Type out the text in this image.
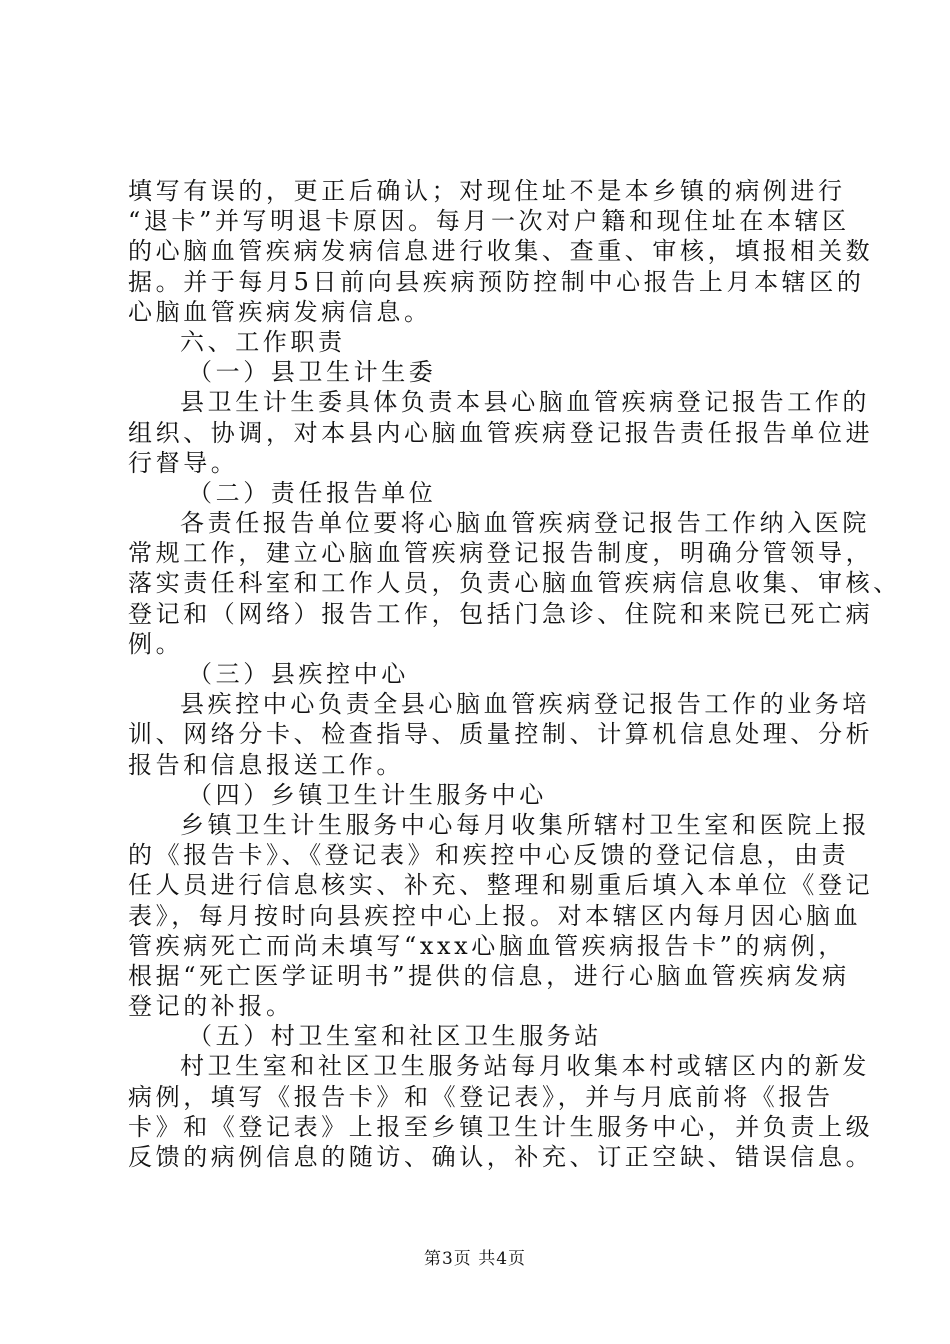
填写有误的，更正后确认；对现住址不是本乡镇的病例进行
“退卡”并写明退卡原因。每月一次对户籍和现住址在本辖区
的心脑血管疾病发病信息进行收集、查重、审核，填报相关数
据。并于每月5日前向县疾病预防控制中心报告上月本辖区的
心脑血管疾病发病信息。
六、工作职责
（一）县卫生计生委
县卫生计生委具体负责本县心脑血管疾病登记报告工作的
组织、协调，对本县内心脑血管疾病登记报告责任报告单位进
行督导。
（二）责任报告单位
各责任报告单位要将心脑血管疾病登记报告工作纳入医院
常规工作，建立心脑血管疾病登记报告制度，明确分管领导，
落实责任科室和工作人员，负责心脑血管疾病信息收集、审核、
登记和（网络）报告工作，包括门急诊、住院和来院已死亡病
例。
（三）县疾控中心
县疾控中心负责全县心脑血管疾病登记报告工作的业务培
训、网络分卡、检查指导、质量控制、计算机信息处理、分析
报告和信息报送工作。
（四）乡镇卫生计生服务中心
乡镇卫生计生服务中心每月收集所辖村卫生室和医院上报
的《报告卡》、《登记表》和疾控中心反馈的登记信息，由责
任人员进行信息核实、补充、整理和剔重后填入本单位《登记
表》，每月按时向县疾控中心上报。对本辖区内每月因心脑血
管疾病死亡而尚未填写“xxx心脑血管疾病报告卡”的病例，
根据“死亡医学证明书”提供的信息，进行心脑血管疾病发病
登记的补报。
（五）村卫生室和社区卫生服务站
村卫生室和社区卫生服务站每月收集本村或辖区内的新发
病例，填写《报告卡》和《登记表》，并与月底前将《报告
卡》和《登记表》上报至乡镇卫生计生服务中心，并负责上级
反馈的病例信息的随访、确认，补充、订正空缺、错误信息。
第3页 共4页
